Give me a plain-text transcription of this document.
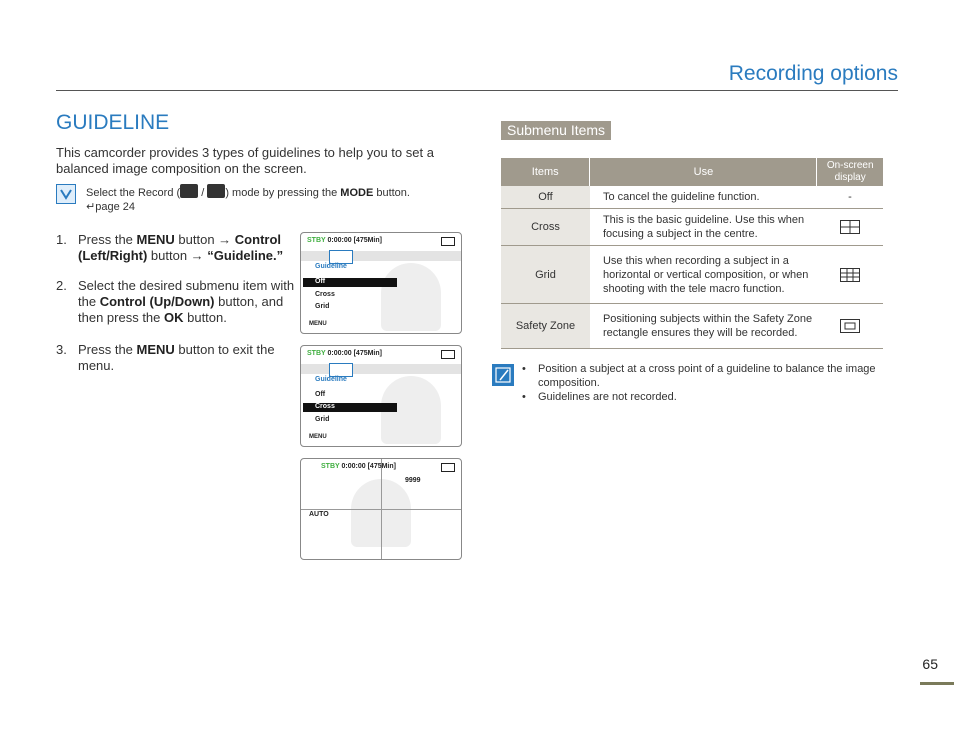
Recording options
GUIDELINE
This camcorder provides 3 types of guidelines to help you to set a balanced image composition on the screen.
Select the Record ( / ) mode by pressing the MODE button.
↵page 24
1. Press the MENU button → Control (Left/Right) button → “Guideline.”
2. Select the desired submenu item with the Control (Up/Down) button, and then press the OK button.
3. Press the MENU button to exit the menu.
STBY 0:00:00 [475Min]
Guideline
Off
Cross
Grid
MENU
STBY 0:00:00 [475Min]
Guideline
Off
Cross
Grid
MENU
STBY 0:00:00 [475Min]
9999
AUTO
Submenu Items
Items	Use	On-screen display
Off	To cancel the guideline function.	-
Cross	This is the basic guideline. Use this when focusing a subject in the centre.	

Grid	Use this when recording a subject in a horizontal or vertical composition, or when shooting with the tele macro function.	

Safety Zone	Positioning subjects within the Safety Zone rectangle ensures they will be recorded.	
• Position a subject at a cross point of a guideline to balance the image composition.
• Guidelines are not recorded.
65
